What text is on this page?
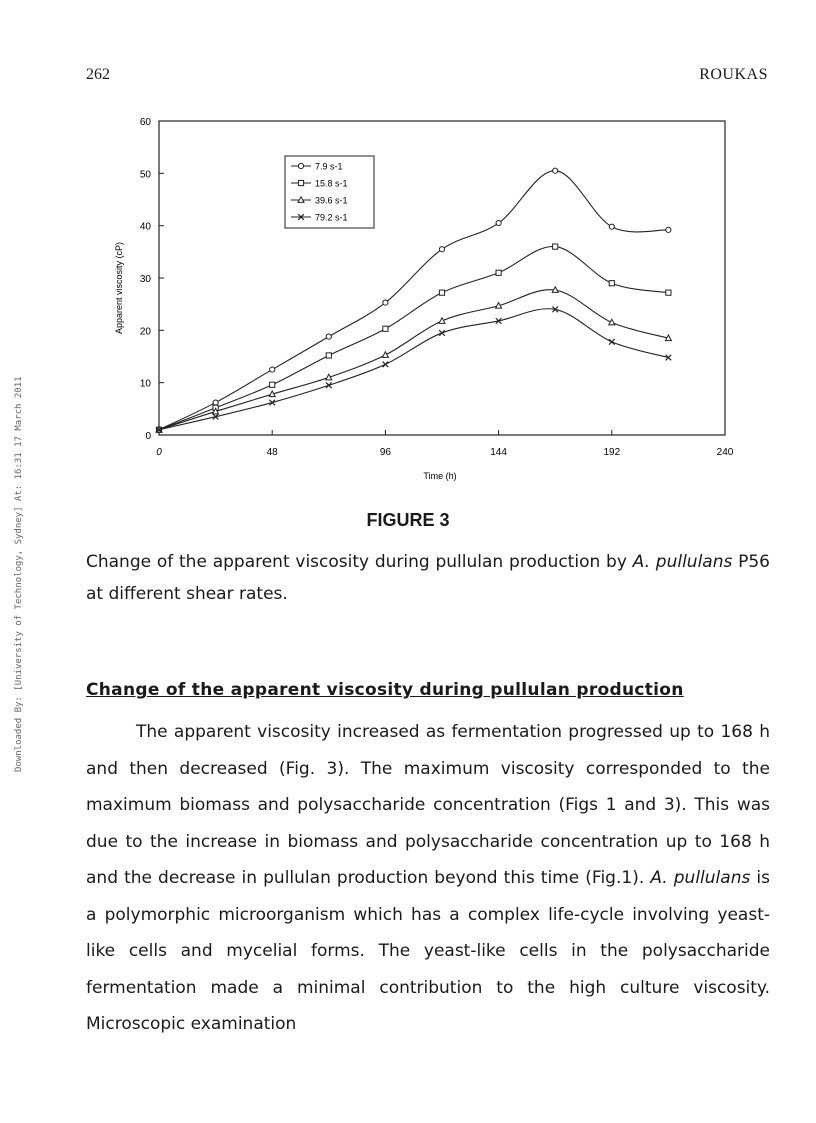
262	ROUKAS
Downloaded By: [University of Technology, Sydney] At: 16:31 17 March 2011	0
10
20
30
40
50
60
0	48	96	144	192	240
Time (h)
Apparent viscosity (cP)
7.9 s-1
15.8 s-1
39.6 s-1
79.2 s-1
FIGURE 3
Change of the apparent viscosity during pullulan production by A. pullulans P56 at different shear rates.
Change of the apparent viscosity during pullulan production

The apparent viscosity increased as fermentation progressed up to 168 h and then decreased (Fig. 3). The maximum viscosity corresponded to the maximum biomass and polysaccharide concentration (Figs 1 and 3). This was due to the increase in biomass and polysaccharide concentration up to 168 h and the decrease in pullulan production beyond this time (Fig.1). A. pullulans is a polymorphic microorganism which has a complex life-cycle involving yeast-like cells and mycelial forms. The yeast-like cells in the polysaccharide fermentation made a minimal contribution to the high culture viscosity. Microscopic examination
